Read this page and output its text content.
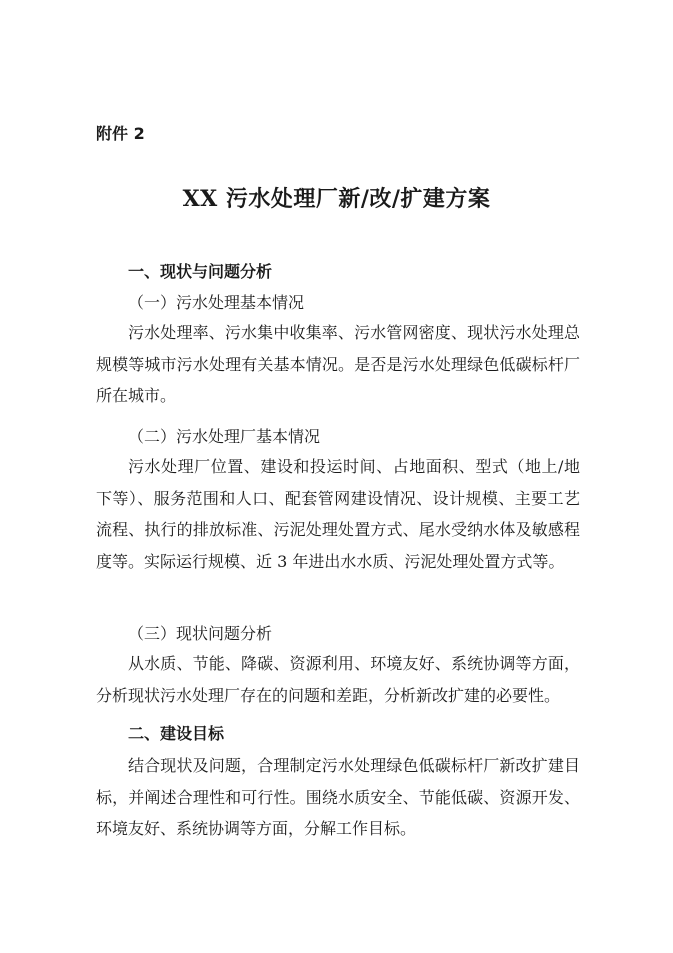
附件 2
XX 污水处理厂新/改/扩建方案
一、现状与问题分析
（一）污水处理基本情况

污水处理率、污水集中收集率、污水管网密度、现状污水处理总规模等城市污水处理有关基本情况。是否是污水处理绿色低碳标杆厂所在城市。

（二）污水处理厂基本情况

污水处理厂位置、建设和投运时间、占地面积、型式（地上/地下等）、服务范围和人口、配套管网建设情况、设计规模、主要工艺流程、执行的排放标准、污泥处理处置方式、尾水受纳水体及敏感程度等。实际运行规模、近 3 年进出水水质、污泥处理处置方式等。

（三）现状问题分析

从水质、节能、降碳、资源利用、环境友好、系统协调等方面，分析现状污水处理厂存在的问题和差距，分析新改扩建的必要性。

二、建设目标

结合现状及问题，合理制定污水处理绿色低碳标杆厂新改扩建目标，并阐述合理性和可行性。围绕水质安全、节能低碳、资源开发、环境友好、系统协调等方面，分解工作目标。
